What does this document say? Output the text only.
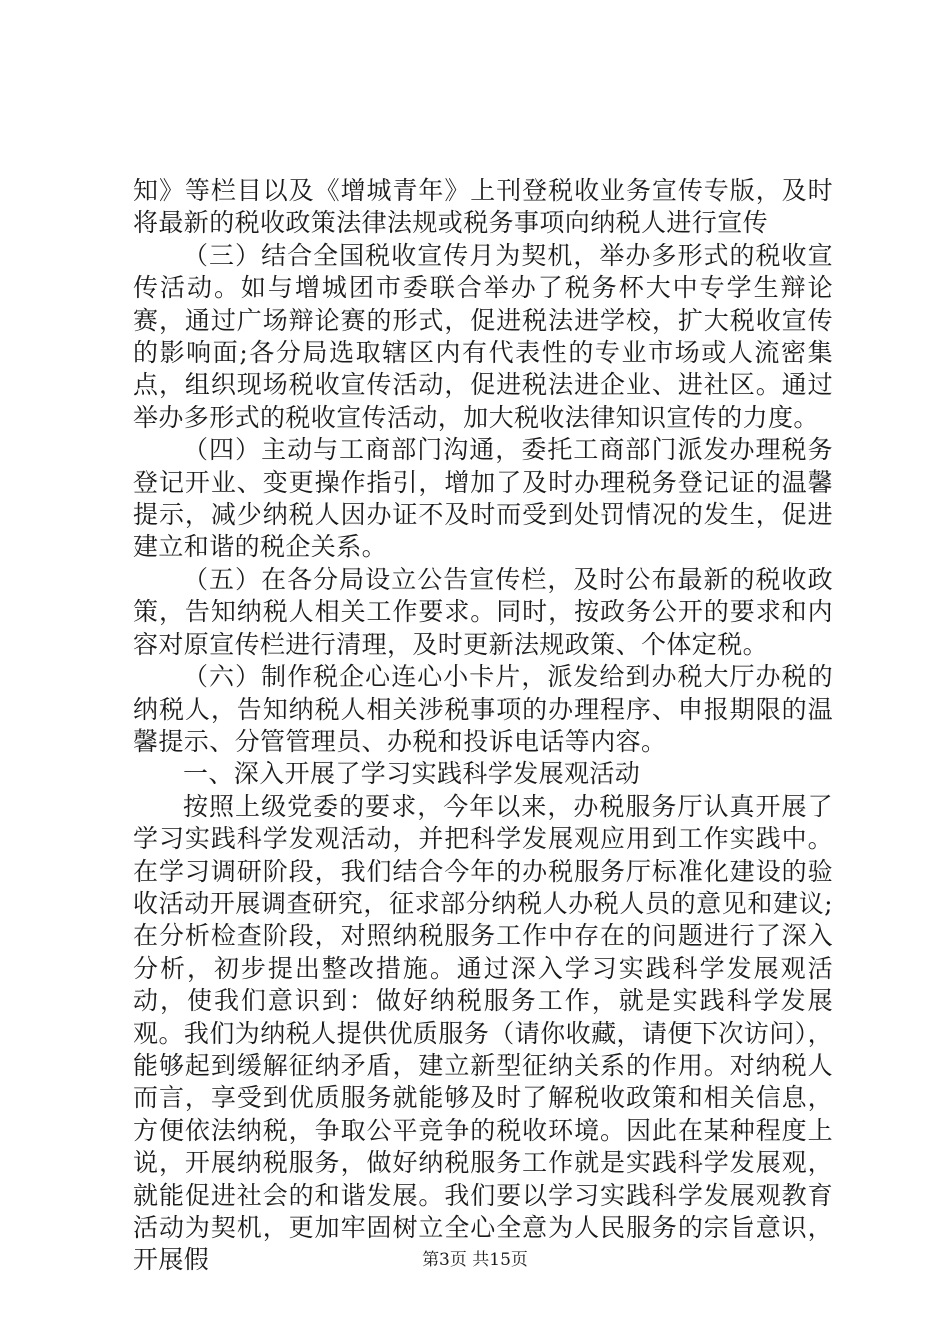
知》等栏目以及《增城青年》上刊登税收业务宣传专版，及时将最新的税收政策法律法规或税务事项向纳税人进行宣传

（三）结合全国税收宣传月为契机，举办多形式的税收宣传活动。如与增城团市委联合举办了税务杯大中专学生辩论赛，通过广场辩论赛的形式，促进税法进学校，扩大税收宣传的影响面;各分局选取辖区内有代表性的专业市场或人流密集点，组织现场税收宣传活动，促进税法进企业、进社区。通过举办多形式的税收宣传活动，加大税收法律知识宣传的力度。

（四）主动与工商部门沟通，委托工商部门派发办理税务登记开业、变更操作指引，增加了及时办理税务登记证的温馨提示，减少纳税人因办证不及时而受到处罚情况的发生，促进建立和谐的税企关系。

（五）在各分局设立公告宣传栏，及时公布最新的税收政策，告知纳税人相关工作要求。同时，按政务公开的要求和内容对原宣传栏进行清理，及时更新法规政策、个体定税。

（六）制作税企心连心小卡片，派发给到办税大厅办税的纳税人，告知纳税人相关涉税事项的办理程序、申报期限的温馨提示、分管管理员、办税和投诉电话等内容。

一、深入开展了学习实践科学发展观活动

按照上级党委的要求，今年以来，办税服务厅认真开展了学习实践科学发观活动，并把科学发展观应用到工作实践中。在学习调研阶段，我们结合今年的办税服务厅标准化建设的验收活动开展调查研究，征求部分纳税人办税人员的意见和建议;在分析检查阶段，对照纳税服务工作中存在的问题进行了深入分析，初步提出整改措施。通过深入学习实践科学发展观活动，使我们意识到：做好纳税服务工作，就是实践科学发展观。我们为纳税人提供优质服务（请你收藏，请便下次访问），能够起到缓解征纳矛盾，建立新型征纳关系的作用。对纳税人而言，享受到优质服务就能够及时了解税收政策和相关信息，方便依法纳税，争取公平竞争的税收环境。因此在某种程度上说，开展纳税服务，做好纳税服务工作就是实践科学发展观，就能促进社会的和谐发展。我们要以学习实践科学发展观教育活动为契机，更加牢固树立全心全意为人民服务的宗旨意识，开展假	第3页 共15页
